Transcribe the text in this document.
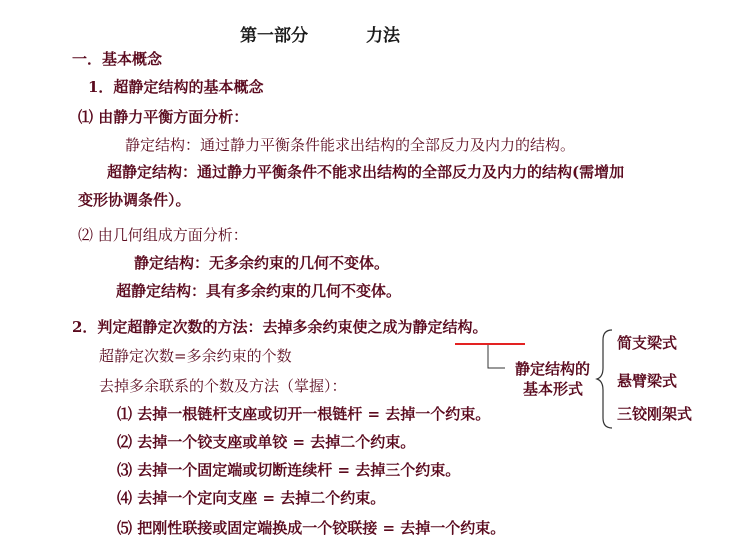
第一部分	力法
一．基本概念
1．超静定结构的基本概念
⑴ 由静力平衡方面分析：
静定结构：通过静力平衡条件能求出结构的全部反力及内力的结构。
超静定结构：通过静力平衡条件不能求出结构的全部反力及内力的结构(需增加
变形协调条件）。
⑵ 由几何组成方面分析：
静定结构：无多余约束的几何不变体。
超静定结构：具有多余约束的几何不变体。
2．判定超静定次数的方法：去掉多余约束使之成为静定结构。
超静定次数=多余约束的个数
去掉多余联系的个数及方法（掌握）：
⑴ 去掉一根链杆支座或切开一根链杆 = 去掉一个约束。
⑵ 去掉一个铰支座或单铰 = 去掉二个约束。
⑶ 去掉一个固定端或切断连续杆 = 去掉三个约束。
⑷ 去掉一个定向支座 = 去掉二个约束。
⑸ 把刚性联接或固定端换成一个铰联接 = 去掉一个约束。
静定结构的
基本形式
简支梁式
悬臂梁式
三铰刚架式
